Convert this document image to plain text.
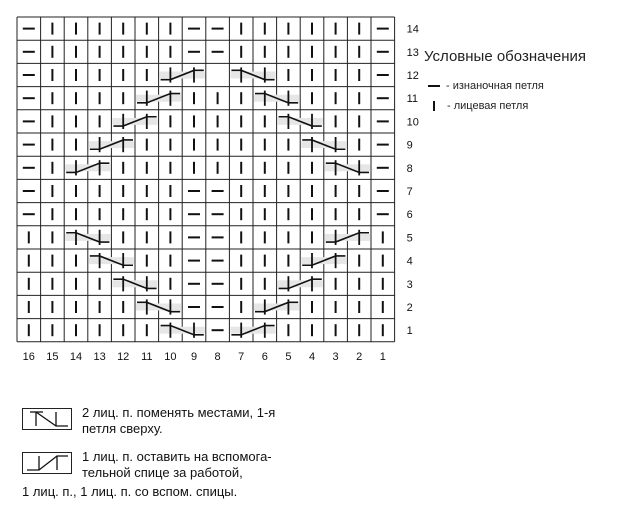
14
13
12
11
10
9
8
7
6
5
4
3
2
1
16 15 14 13 12 11 10 9 8 7 6 5 4 3 2 1
Условные обозначения
- изнаночная петля
- лицевая петля
2 лиц. п. поменять местами, 1-я петля сверху.
1 лиц. п. оставить на вспомога-
тельной спице за работой,
1 лиц. п., 1 лиц. п. со вспом. спицы.
